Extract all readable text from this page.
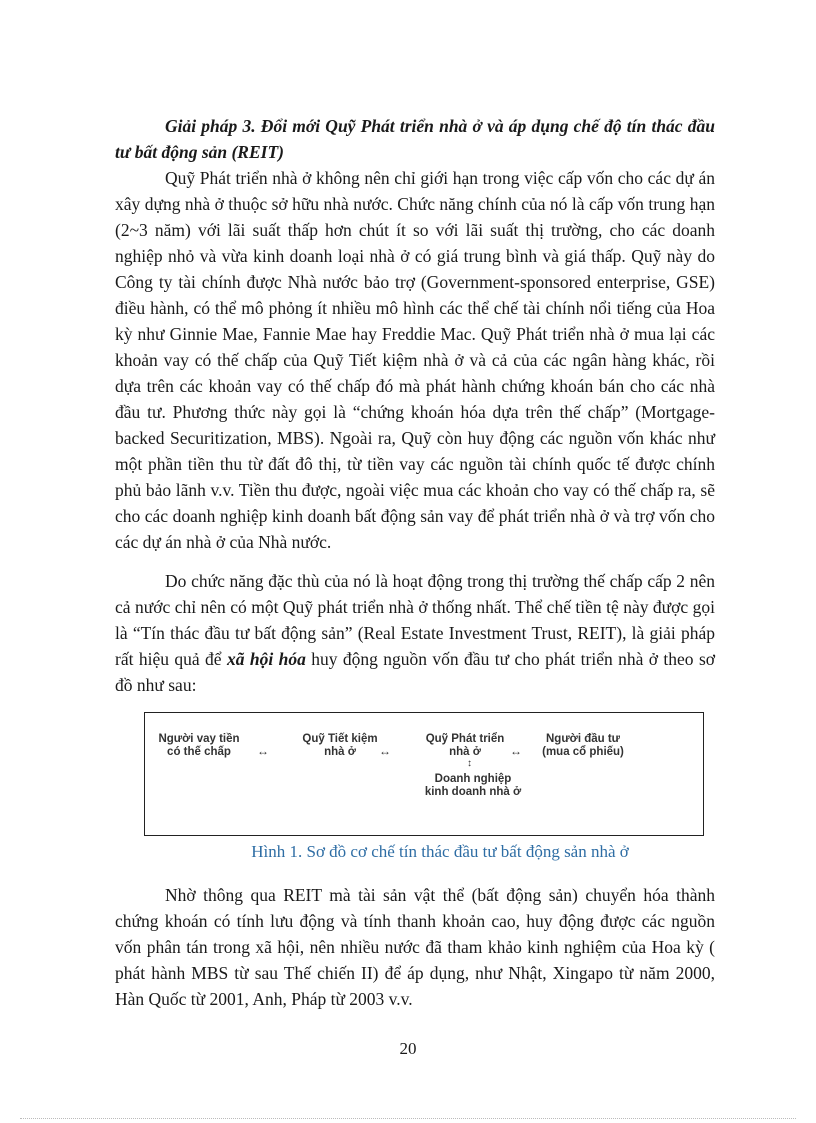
Giải pháp 3. Đổi mới Quỹ Phát triển nhà ở và áp dụng chế độ tín thác đầu tư bất động sản (REIT)
Quỹ Phát triển nhà ở không nên chỉ giới hạn trong việc cấp vốn cho các dự án xây dựng nhà ở thuộc sở hữu nhà nước. Chức năng chính của nó là cấp vốn trung hạn (2~3 năm) với lãi suất thấp hơn chút ít so với lãi suất thị trường, cho các doanh nghiệp nhỏ và vừa kinh doanh loại nhà ở có giá trung bình và giá thấp. Quỹ này do Công ty tài chính được Nhà nước bảo trợ (Government-sponsored enterprise, GSE) điều hành, có thể mô phỏng ít nhiều mô hình các thể chế tài chính nổi tiếng của Hoa kỳ như Ginnie Mae, Fannie Mae hay Freddie Mac. Quỹ Phát triển nhà ở mua lại các khoản vay có thế chấp của Quỹ Tiết kiệm nhà ở và cả của các ngân hàng khác, rồi dựa trên các khoản vay có thế chấp đó mà phát hành chứng khoán bán cho các nhà đầu tư. Phương thức này gọi là “chứng khoán hóa dựa trên thế chấp” (Mortgage-backed Securitization, MBS). Ngoài ra, Quỹ còn huy động các nguồn vốn khác như một phần tiền thu từ đất đô thị, từ tiền vay các nguồn tài chính quốc tế được chính phủ bảo lãnh v.v. Tiền thu được, ngoài việc mua các khoản cho vay có thế chấp ra, sẽ cho các doanh nghiệp kinh doanh bất động sản vay để phát triển nhà ở và trợ vốn cho các dự án nhà ở của Nhà nước.
Do chức năng đặc thù của nó là hoạt động trong thị trường thế chấp cấp 2 nên cả nước chỉ nên có một Quỹ phát triển nhà ở thống nhất. Thể chế tiền tệ này được gọi là “Tín thác đầu tư bất động sản” (Real Estate Investment Trust, REIT), là giải pháp rất hiệu quả để xã hội hóa huy động nguồn vốn đầu tư cho phát triển nhà ở theo sơ đồ như sau:
Người vay tiền
có thế chấp	↔
Quỹ Tiết kiệm
nhà ở	↔
Quỹ Phát triển
nhà ở	↔
Người đầu tư
(mua cổ phiếu)
↕
Doanh nghiệp
kinh doanh nhà ở
Hình 1. Sơ đồ cơ chế tín thác đầu tư bất động sản nhà ở
Nhờ thông qua REIT mà tài sản vật thể (bất động sản) chuyển hóa thành chứng khoán có tính lưu động và tính thanh khoản cao, huy động được các nguồn vốn phân tán trong xã hội, nên nhiều nước đã tham khảo kinh nghiệm của Hoa kỳ ( phát hành MBS từ sau Thế chiến II) để áp dụng, như Nhật, Xingapo từ năm 2000, Hàn Quốc từ 2001, Anh, Pháp từ 2003 v.v.
20
